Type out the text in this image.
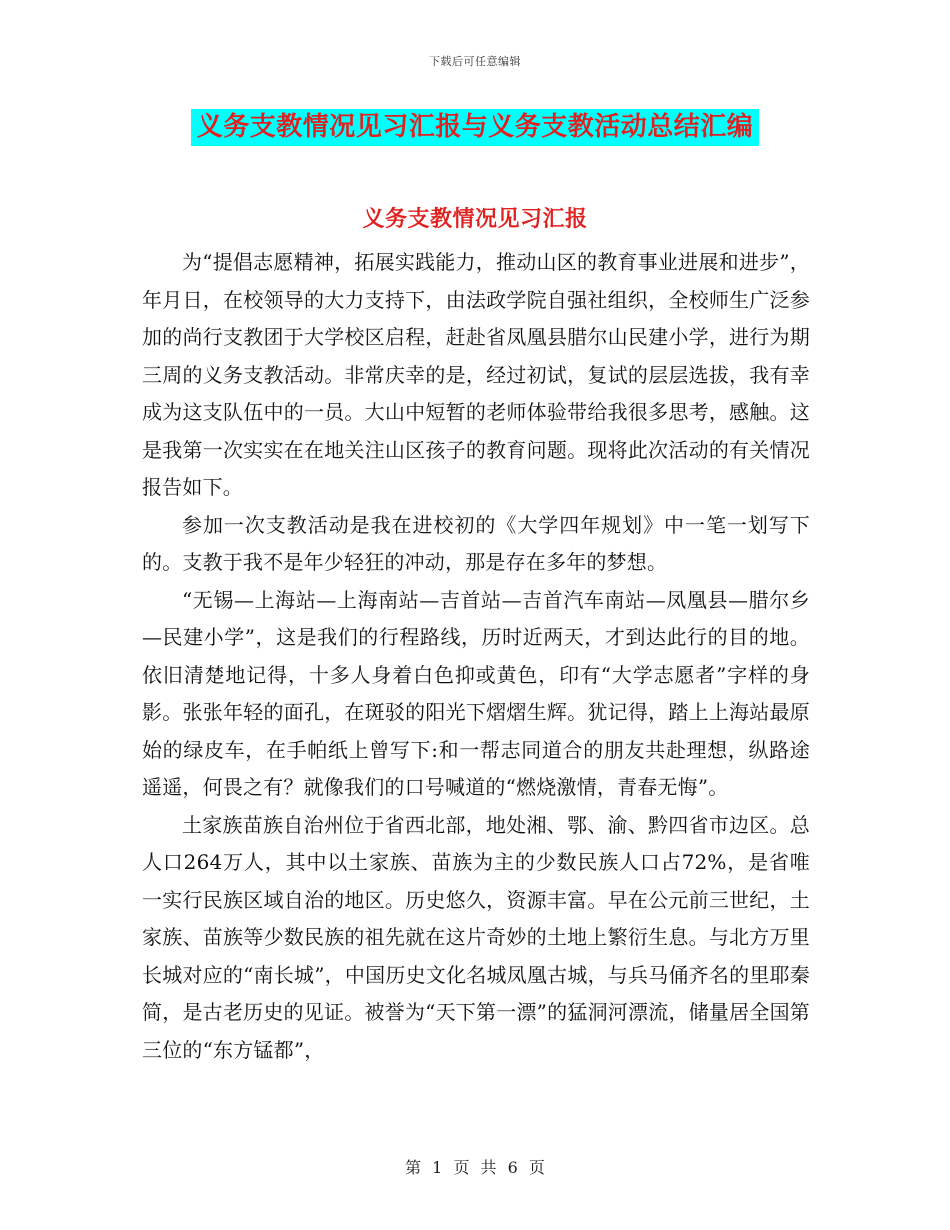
下载后可任意编辑
义务支教情况见习汇报与义务支教活动总结汇编
义务支教情况见习汇报

为“提倡志愿精神，拓展实践能力，推动山区的教育事业进展和进步”，年月日，在校领导的大力支持下，由法政学院自强社组织，全校师生广泛参加的尚行支教团于大学校区启程，赶赴省凤凰县腊尔山民建小学，进行为期三周的义务支教活动。非常庆幸的是，经过初试，复试的层层选拔，我有幸成为这支队伍中的一员。大山中短暂的老师体验带给我很多思考，感触。这是我第一次实实在在地关注山区孩子的教育问题。现将此次活动的有关情况报告如下。

参加一次支教活动是我在进校初的《大学四年规划》中一笔一划写下的。支教于我不是年少轻狂的冲动，那是存在多年的梦想。

“无锡—上海站—上海南站—吉首站—吉首汽车南站—凤凰县—腊尔乡—民建小学”，这是我们的行程路线，历时近两天，才到达此行的目的地。依旧清楚地记得，十多人身着白色抑或黄色，印有“大学志愿者”字样的身影。张张年轻的面孔，在斑驳的阳光下熠熠生辉。犹记得，踏上上海站最原始的绿皮车，在手帕纸上曾写下:和一帮志同道合的朋友共赴理想，纵路途遥遥，何畏之有？就像我们的口号喊道的“燃烧激情，青春无悔”。

土家族苗族自治州位于省西北部，地处湘、鄂、渝、黔四省市边区。总人口264万人，其中以土家族、苗族为主的少数民族人口占72%，是省唯一实行民族区域自治的地区。历史悠久，资源丰富。早在公元前三世纪，土家族、苗族等少数民族的祖先就在这片奇妙的土地上繁衍生息。与北方万里长城对应的“南长城”，中国历史文化名城凤凰古城，与兵马俑齐名的里耶秦简，是古老历史的见证。被誉为“天下第一漂”的猛洞河漂流，储量居全国第三位的“东方锰都”，

第 1 页 共 6 页
